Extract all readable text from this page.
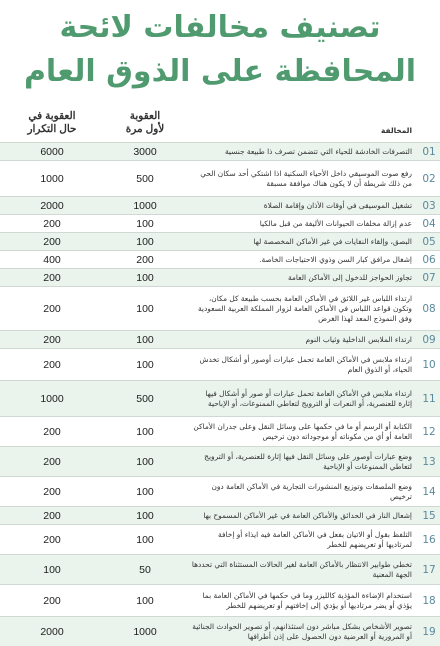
تصنيف مخالفات لائحة
المحافظة على الذوق العام
المخالفة
العقوبة
لأول مرة
العقوبة في
حال التكرار
01
التصرفات الخادشة للحياء التي تتضمن تصرف ذا طبيعة جنسية
3000
6000
02
رفع صوت الموسيقي داخل الأحياء السكنية اذا اشتكي أحد سكان الحي من ذلك شريطة أن لا يكون هناك موافقة مسبقة
500
1000
03
تشغيل الموسيقى في أوقات الأذان وإقامة الصلاة
1000
2000
04
عدم إزالة مخلفات الحيوانات الأليفة من قبل مالكيا
100
200
05
البصق، وإلقاء النفايات في غير الأماكن المخصصة لها
100
200
06
إشغال مرافق كبار السن وذوي الاحتياجات الخاصة.
200
400
07
تجاوز الحواجز للدخول إلى الأماكن العامة
100
200
08
ارتداء اللباس غير اللائق في الأماكن العامة بحسب طبيعة كل مكان، وتكون قواعد اللباس في الأماكن العامة لزوار المملكة العربية السعودية وفق النموذج المعد لهذا الغرض
100
200
09
ارتداء الملابس الداخلية وثياب النوم
100
200
10
ارتداء ملابس في الأماكن العامة تحمل عبارات أوصور أو أشكال تخدش الحياء، أو الذوق العام
100
200
11
ارتداء ملابس في الأماكن العامة تحمل عبارات أو صور أو أشكال فيها إثارة للعنصرية، أو النعرات أو الترويج لتعاطي الممنوعات، أو الإباحية
500
1000
12
الكتابة أو الرسم أو ما في حكمها على وسائل النقل وعلى جدران الأماكن العامة أو أي من مكوناته أو موجوداته دون ترخيص
100
200
13
وضع عبارات أوصور على وسائل النقل فيها إثارة للعنصرية، أو الترويج لتعاطي الممنوعات أو الإباحية
100
200
14
وضع الملصقات وتوزيع المنشورات التجارية في الأماكن العامة دون ترخيص
100
200
15
إشعال النار في الحدائق والأماكن العامة في غير الأماكن المسموح بها
100
200
16
التلفظ بقول أو الاتيان بفعل في الأماكن العامة فيه ايذاء أو إخافة لمرتاديها أو تعريضهم للخطر
100
200
17
تخطي طوابير الانتظار بالأماكن العامة لغير الحالات المستثناة التي تحددها الجهة المعنية
50
100
18
استخدام الإضاءة المؤذية كالليزر وما في حكمها في الأماكن العامة بما يؤذي أو يضر مرتاديها أو يؤدي إلى إخافتهم أو تعريضهم للخطر
100
200
19
تصوير الأشخاص بشكل مباشر دون استئذانهم، أو تصوير الحوادث الجنائية أو المرورية أو العرضية دون الحصول على إذن أطرافها
1000
2000
